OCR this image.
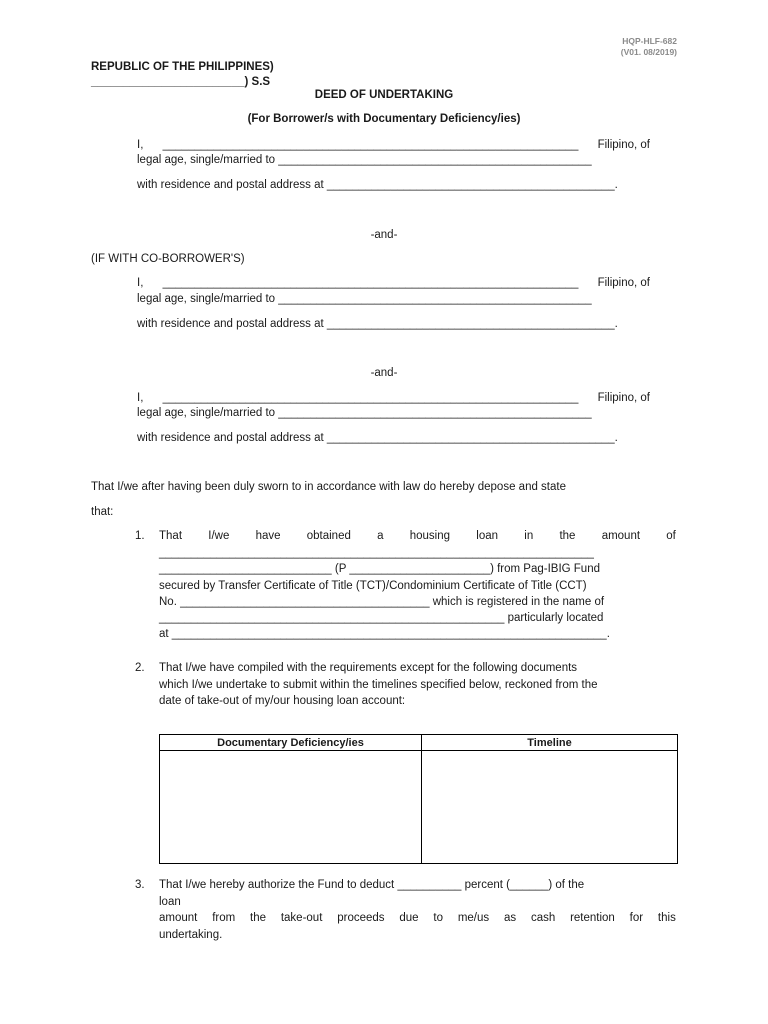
HQP-HLF-682
(V01. 08/2019)
REPUBLIC OF THE PHILIPPINES)
________________________) S.S
DEED OF UNDERTAKING
(For Borrower/s with Documentary Deficiency/ies)
I, _________________________________________________________________ Filipino, of
legal age, single/married to _________________________________________________
with residence and postal address at _____________________________________________.
-and-
(IF WITH CO-BORROWER'S)
I, _________________________________________________________________ Filipino, of
legal age, single/married to _________________________________________________
with residence and postal address at _____________________________________________.
-and-
I, _________________________________________________________________ Filipino, of
legal age, single/married to _________________________________________________
with residence and postal address at _____________________________________________.
That I/we after having been duly sworn to in accordance with law do hereby depose and state
that:
1. That I/we have obtained a housing loan in the amount of
____________________________________________________________________
___________________________ (P ______________________) from Pag-IBIG Fund
secured by Transfer Certificate of Title (TCT)/Condominium Certificate of Title (CCT)
No. _______________________________________ which is registered in the name of
______________________________________________________ particularly located
at ____________________________________________________________________.
2. That I/we have compiled with the requirements except for the following documents
which I/we undertake to submit within the timelines specified below, reckoned from the
date of take-out of my/our housing loan account:
Documentary Deficiency/ies	Timeline

3. That I/we hereby authorize the Fund to deduct __________ percent (______) of the
loan
amount from the take-out proceeds due to me/us as cash retention for this
undertaking.
